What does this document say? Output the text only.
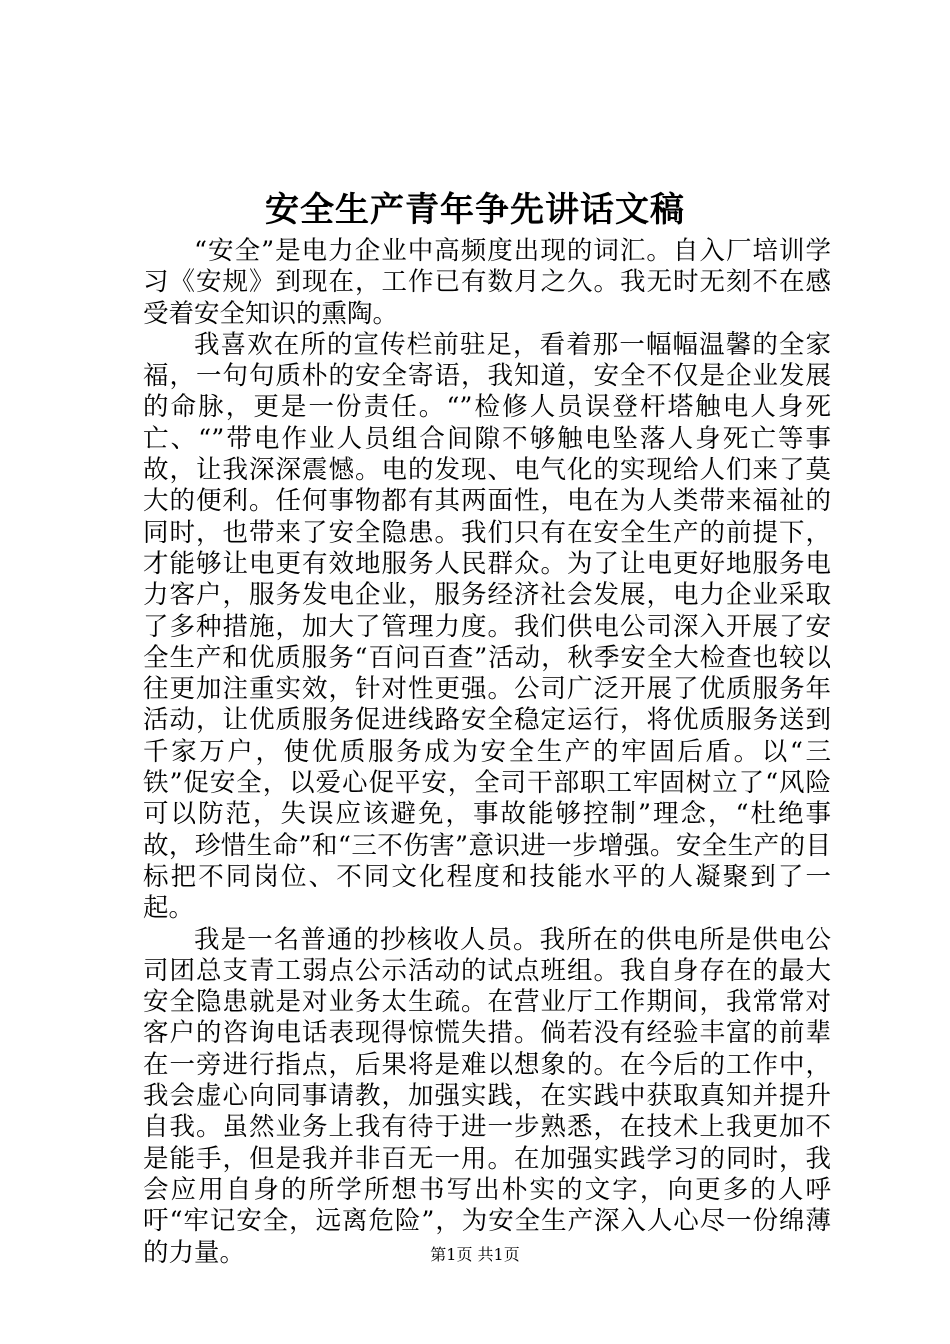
安全生产青年争先讲话文稿

“安全”是电力企业中高频度出现的词汇。自入厂培训学习《安规》到现在，工作已有数月之久。我无时无刻不在感受着安全知识的熏陶。

我喜欢在所的宣传栏前驻足，看着那一幅幅温馨的全家福，一句句质朴的安全寄语，我知道，安全不仅是企业发展的命脉，更是一份责任。“”检修人员误登杆塔触电人身死亡、“”带电作业人员组合间隙不够触电坠落人身死亡等事故，让我深深震憾。电的发现、电气化的实现给人们来了莫大的便利。任何事物都有其两面性，电在为人类带来福祉的同时，也带来了安全隐患。我们只有在安全生产的前提下，才能够让电更有效地服务人民群众。为了让电更好地服务电力客户，服务发电企业，服务经济社会发展，电力企业采取了多种措施，加大了管理力度。我们供电公司深入开展了安全生产和优质服务“百问百查”活动，秋季安全大检查也较以往更加注重实效，针对性更强。公司广泛开展了优质服务年活动，让优质服务促进线路安全稳定运行，将优质服务送到千家万户，使优质服务成为安全生产的牢固后盾。以“三铁”促安全，以爱心促平安，全司干部职工牢固树立了“风险可以防范，失误应该避免，事故能够控制”理念，“杜绝事故，珍惜生命”和“三不伤害”意识进一步增强。安全生产的目标把不同岗位、不同文化程度和技能水平的人凝聚到了一起。

我是一名普通的抄核收人员。我所在的供电所是供电公司团总支青工弱点公示活动的试点班组。我自身存在的最大安全隐患就是对业务太生疏。在营业厅工作期间，我常常对客户的咨询电话表现得惊慌失措。倘若没有经验丰富的前辈在一旁进行指点，后果将是难以想象的。在今后的工作中，我会虚心向同事请教，加强实践，在实践中获取真知并提升自我。虽然业务上我有待于进一步熟悉，在技术上我更加不是能手，但是我并非百无一用。在加强实践学习的同时，我会应用自身的所学所想书写出朴实的文字，向更多的人呼吁“牢记安全，远离危险”，为安全生产深入人心尽一份绵薄的力量。	第1页 共1页
